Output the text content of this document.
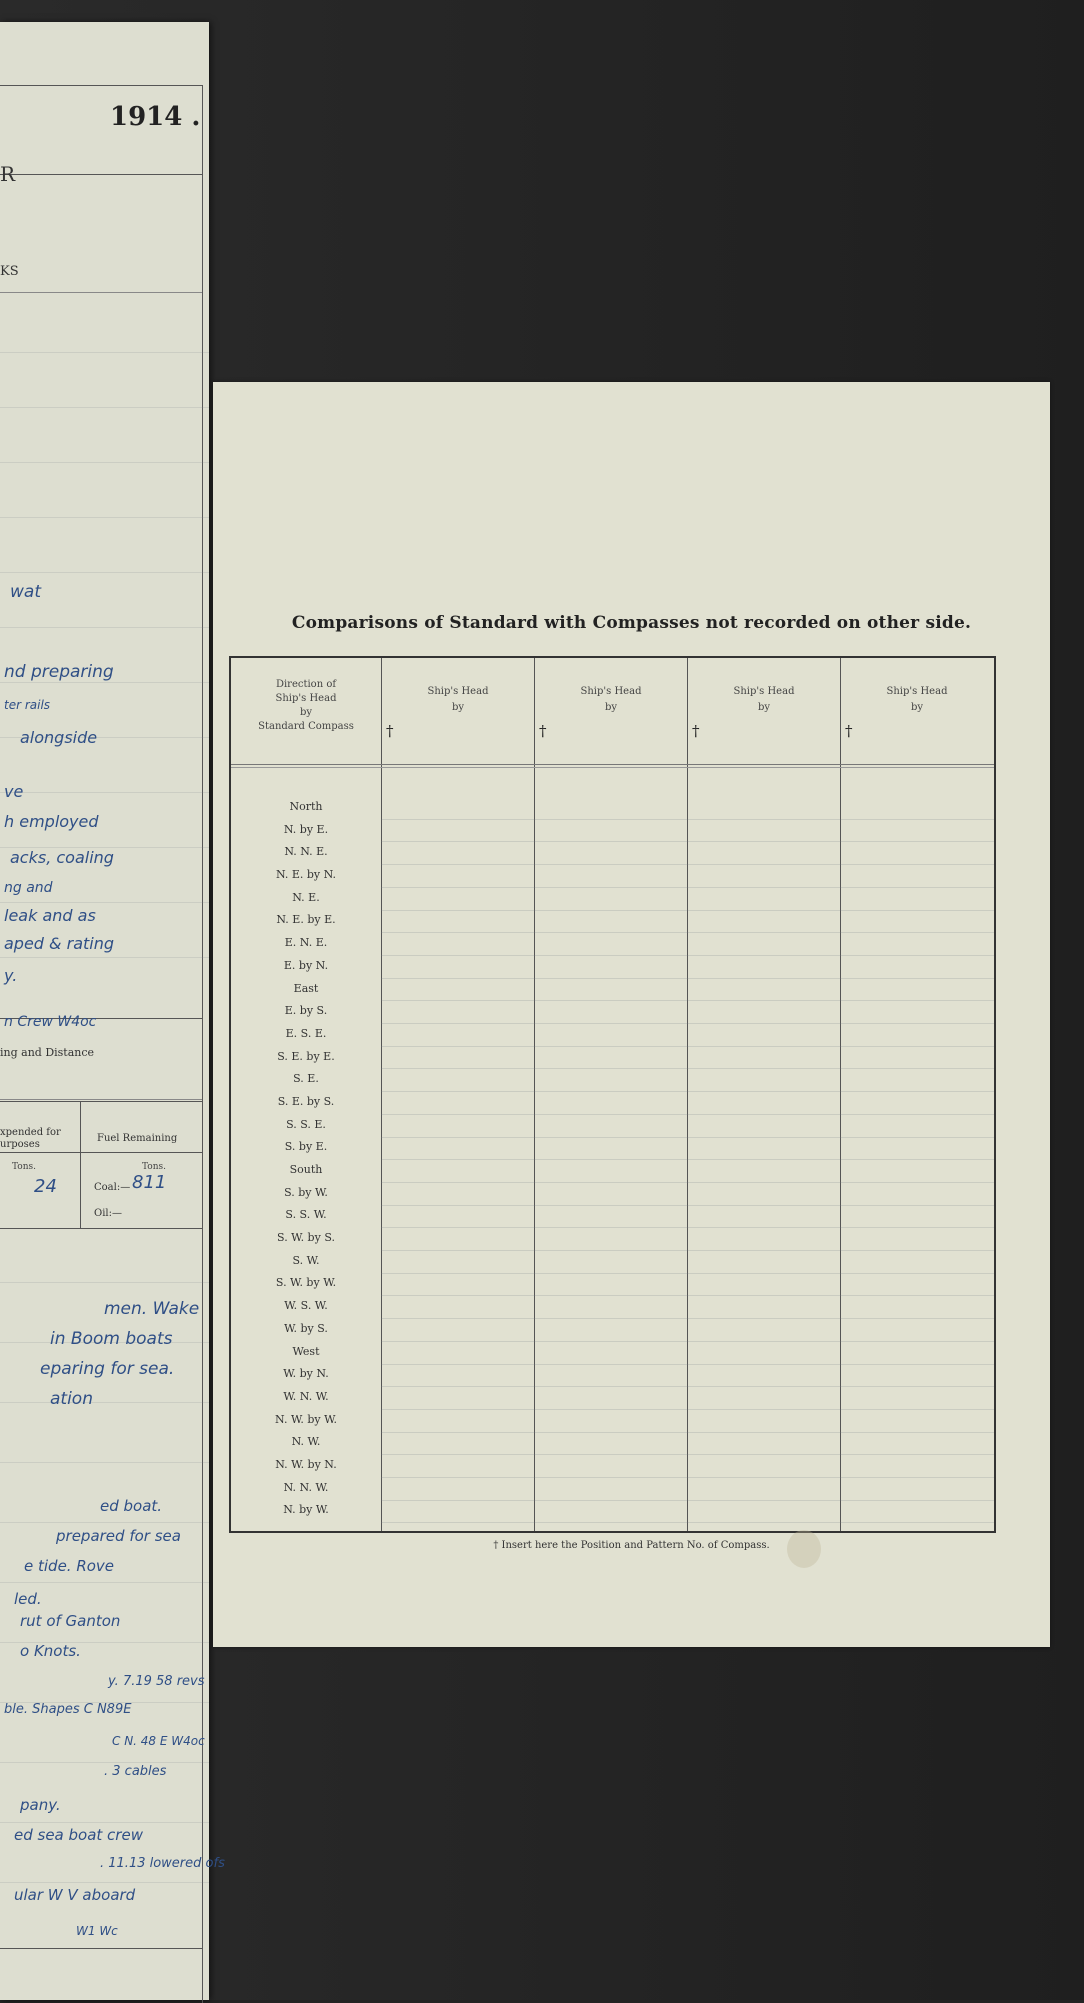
1914 .
R
KS
ing and Distance
xpended for
urposes
Fuel Remaining
Tons.	Tons.
24	Coal:— 811
Oil:—
wat
nd preparing
ter rails
alongside
ve
h employed
acks, coaling
ng and
leak and as
aped & rating
y.
n Crew W4oc
men. Wake
in Boom boats
eparing for sea.
ation
ed boat.
prepared for sea
e tide. Rove
led.
rut of Ganton
o Knots.
y. 7.19 58 revs
ble. Shapes C N89E
C N. 48 E W4oc
. 3 cables
pany.
ed sea boat crew
. 11.13 lowered ofs
ular W V aboard
W1 Wc
Comparisons of Standard with Compasses not recorded on other side.
Direction of
Ship's Head
by
Standard Compass
Ship's Head
by
Ship's Head
by
Ship's Head
by
Ship's Head
by
†	†	†	†
North
N. by E.
N. N. E.
N. E. by N.
N. E.
N. E. by E.
E. N. E.
E. by N.
East
E. by S.
E. S. E.
S. E. by E.
S. E.
S. E. by S.
S. S. E.
S. by E.
South
S. by W.
S. S. W.
S. W. by S.
S. W.
S. W. by W.
W. S. W.
W. by S.
West
W. by N.
W. N. W.
N. W. by W.
N. W.
N. W. by N.
N. N. W.
N. by W.
† Insert here the Position and Pattern No. of Compass.
